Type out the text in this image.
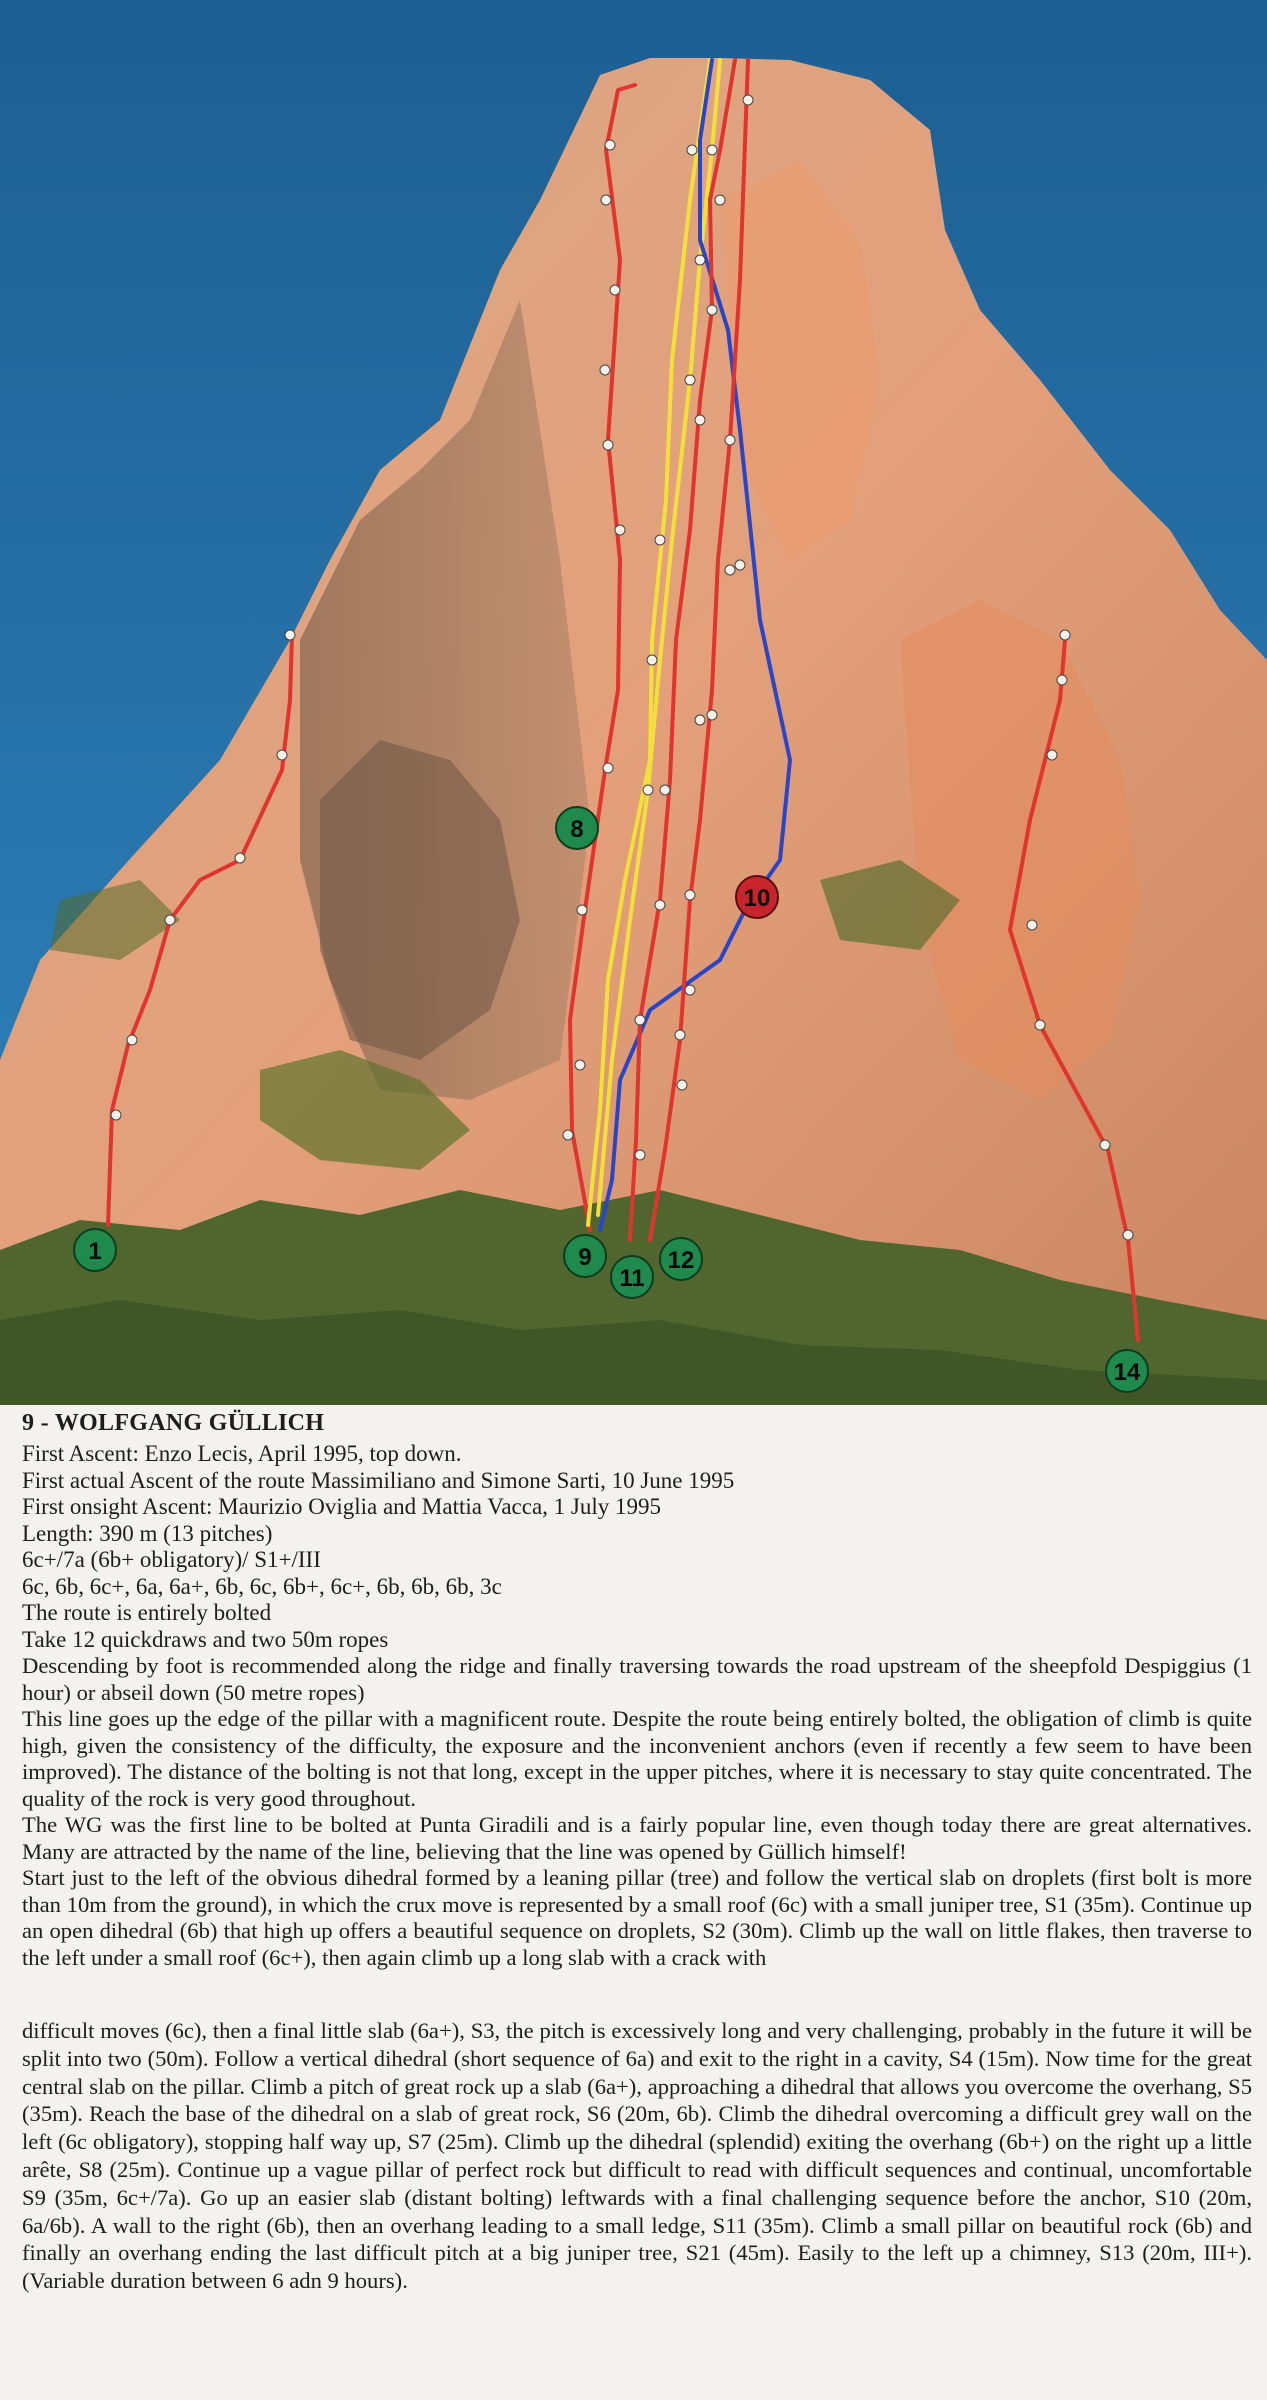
1
8
9
10
11
12
14
9 - WOLFGANG GÜLLICH
First Ascent: Enzo Lecis, April 1995, top down.
First actual Ascent of the route Massimiliano and Simone Sarti, 10 June 1995
First onsight Ascent: Maurizio Oviglia and Mattia Vacca, 1 July 1995
Length: 390 m (13 pitches)
6c+/7a (6b+ obligatory)/ S1+/III
6c, 6b, 6c+, 6a, 6a+, 6b, 6c, 6b+, 6c+, 6b, 6b, 6b, 3c
The route is entirely bolted
Take 12 quickdraws and two 50m ropes

Descending by foot is recommended along the ridge and finally traversing towards the road upstream of the sheepfold Despiggius (1 hour) or abseil down (50 metre ropes)

This line goes up the edge of the pillar with a magnificent route. Despite the route being entirely bolted, the obligation of climb is quite high, given the consistency of the difficulty, the exposure and the inconvenient anchors (even if recently a few seem to have been improved). The distance of the bolting is not that long, except in the upper pitches, where it is necessary to stay quite concentrated. The quality of the rock is very good throughout.

The WG was the first line to be bolted at Punta Giradili and is a fairly popular line, even though today there are great alternatives. Many are attracted by the name of the line, believing that the line was opened by Güllich himself!

Start just to the left of the obvious dihedral formed by a leaning pillar (tree) and follow the vertical slab on droplets (first bolt is more than 10m from the ground), in which the crux move is represented by a small roof (6c) with a small juniper tree, S1 (35m). Continue up an open dihedral (6b) that high up offers a beautiful sequence on droplets, S2 (30m). Climb up the wall on little flakes, then traverse to the left under a small roof (6c+), then again climb up a long slab with a crack with

difficult moves (6c), then a final little slab (6a+), S3, the pitch is excessively long and very challenging, probably in the future it will be split into two (50m). Follow a vertical dihedral (short sequence of 6a) and exit to the right in a cavity, S4 (15m). Now time for the great central slab on the pillar. Climb a pitch of great rock up a slab (6a+), approaching a dihedral that allows you overcome the overhang, S5 (35m). Reach the base of the dihedral on a slab of great rock, S6 (20m, 6b). Climb the dihedral overcoming a difficult grey wall on the left (6c obligatory), stopping half way up, S7 (25m). Climb up the dihedral (splendid) exiting the overhang (6b+) on the right up a little arête, S8 (25m). Continue up a vague pillar of perfect rock but difficult to read with difficult sequences and continual, uncomfortable S9 (35m, 6c+/7a). Go up an easier slab (distant bolting) leftwards with a final challenging sequence before the anchor, S10 (20m, 6a/6b). A wall to the right (6b), then an overhang leading to a small ledge, S11 (35m). Climb a small pillar on beautiful rock (6b) and finally an overhang ending the last difficult pitch at a big juniper tree, S21 (45m). Easily to the left up a chimney, S13 (20m, III+). (Variable duration between 6 adn 9 hours).
